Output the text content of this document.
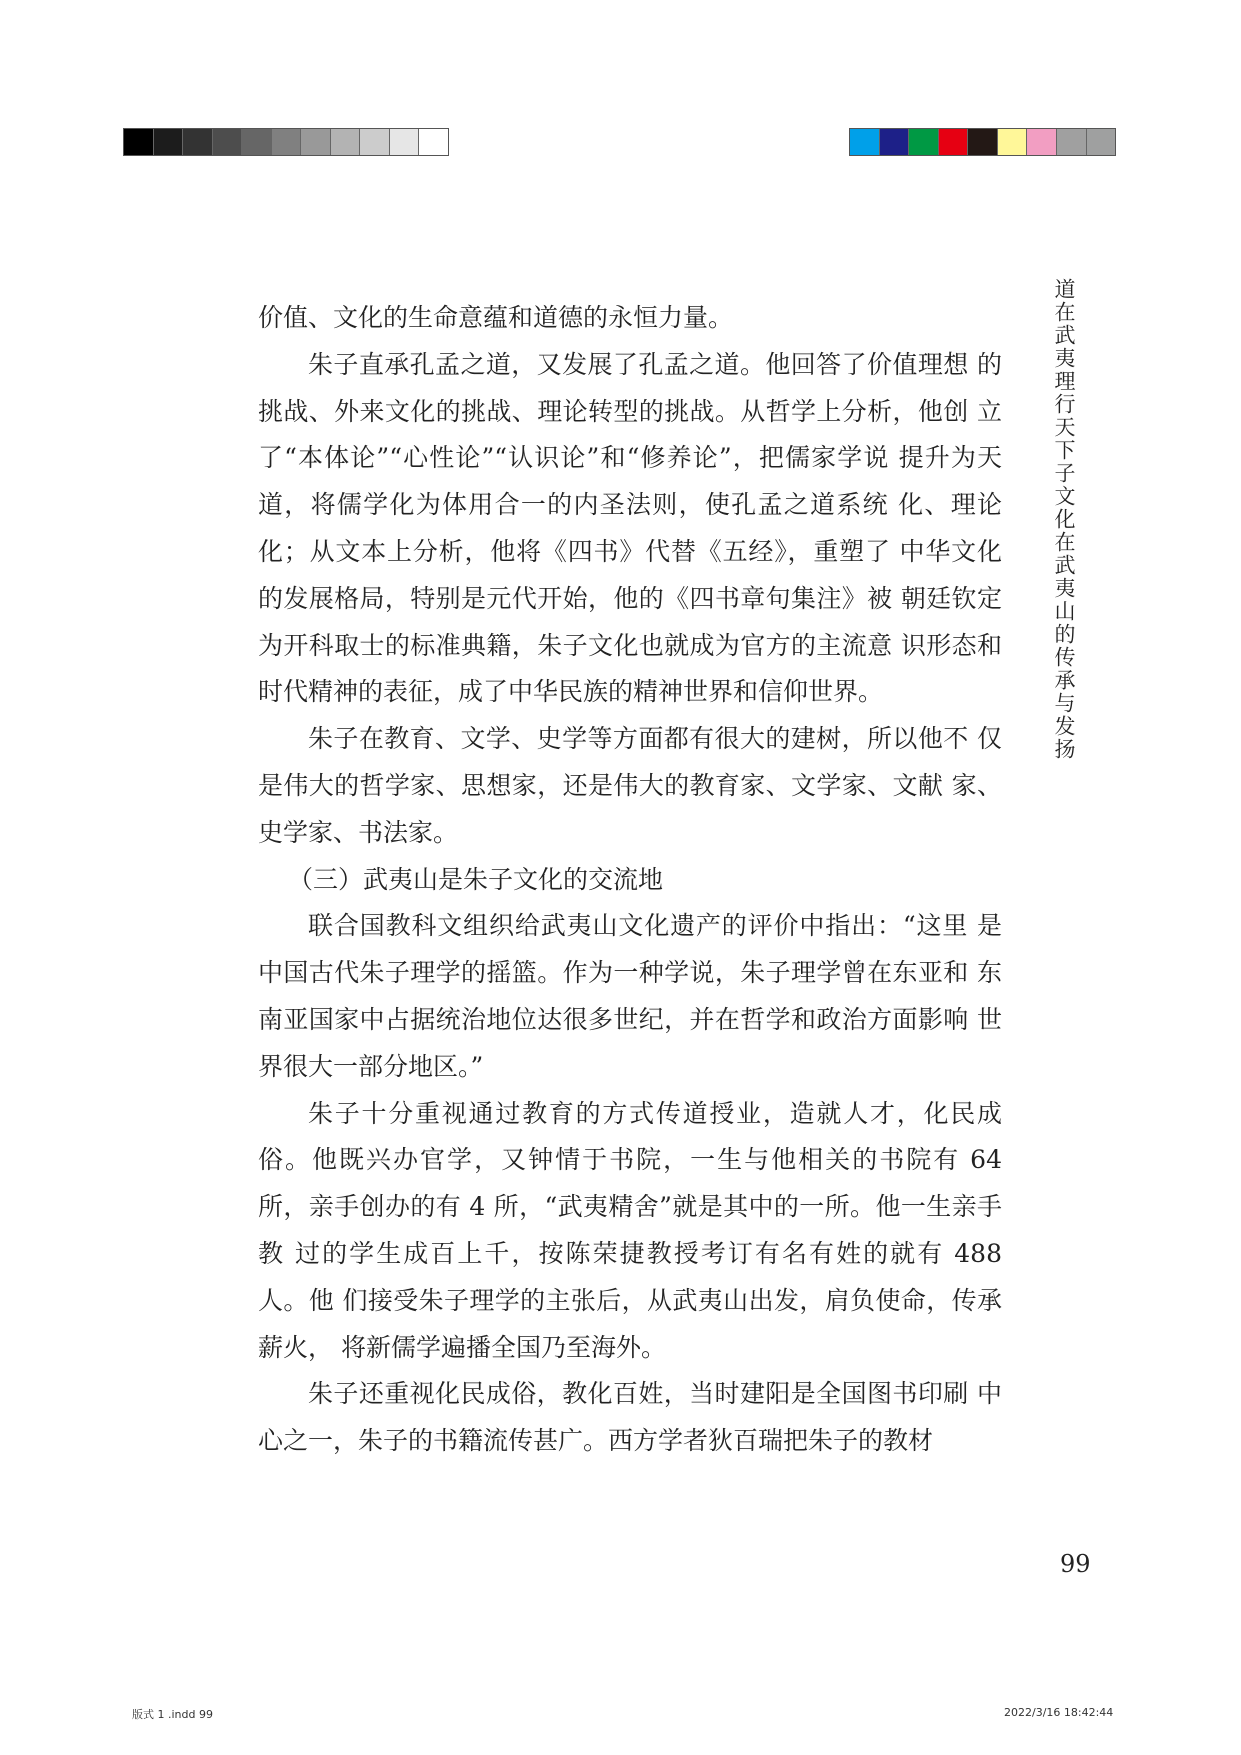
道在武夷理行天下子文化在武夷山的传承与发扬

价值、文化的生命意蕴和道德的永恒力量。

朱子直承孔孟之道，又发展了孔孟之道。他回答了价值理想 的挑战、外来文化的挑战、理论转型的挑战。从哲学上分析，他创 立了“本体论”“心性论”“认识论”和“修养论”，把儒家学说 提升为天道，将儒学化为体用合一的内圣法则，使孔孟之道系统 化、理论化；从文本上分析，他将《四书》代替《五经》，重塑了 中华文化的发展格局，特别是元代开始，他的《四书章句集注》被 朝廷钦定为开科取士的标准典籍，朱子文化也就成为官方的主流意 识形态和时代精神的表征，成了中华民族的精神世界和信仰世界。

朱子在教育、文学、史学等方面都有很大的建树，所以他不 仅是伟大的哲学家、思想家，还是伟大的教育家、文学家、文献 家、史学家、书法家。

（三）武夷山是朱子文化的交流地

联合国教科文组织给武夷山文化遗产的评价中指出：“这里 是中国古代朱子理学的摇篮。作为一种学说，朱子理学曾在东亚和 东南亚国家中占据统治地位达很多世纪，并在哲学和政治方面影响 世界很大一部分地区。”

朱子十分重视通过教育的方式传道授业，造就人才，化民成俗。他既兴办官学，又钟情于书院，一生与他相关的书院有 64 所，亲手创办的有 4 所，“武夷精舍”就是其中的一所。他一生亲手教 过的学生成百上千，按陈荣捷教授考订有名有姓的就有 488 人。他 们接受朱子理学的主张后，从武夷山出发，肩负使命，传承薪火， 将新儒学遍播全国乃至海外。

朱子还重视化民成俗，教化百姓，当时建阳是全国图书印刷 中心之一，朱子的书籍流传甚广。西方学者狄百瑞把朱子的教材

99
版式 1 .indd 99	2022/3/16 18:42:44
